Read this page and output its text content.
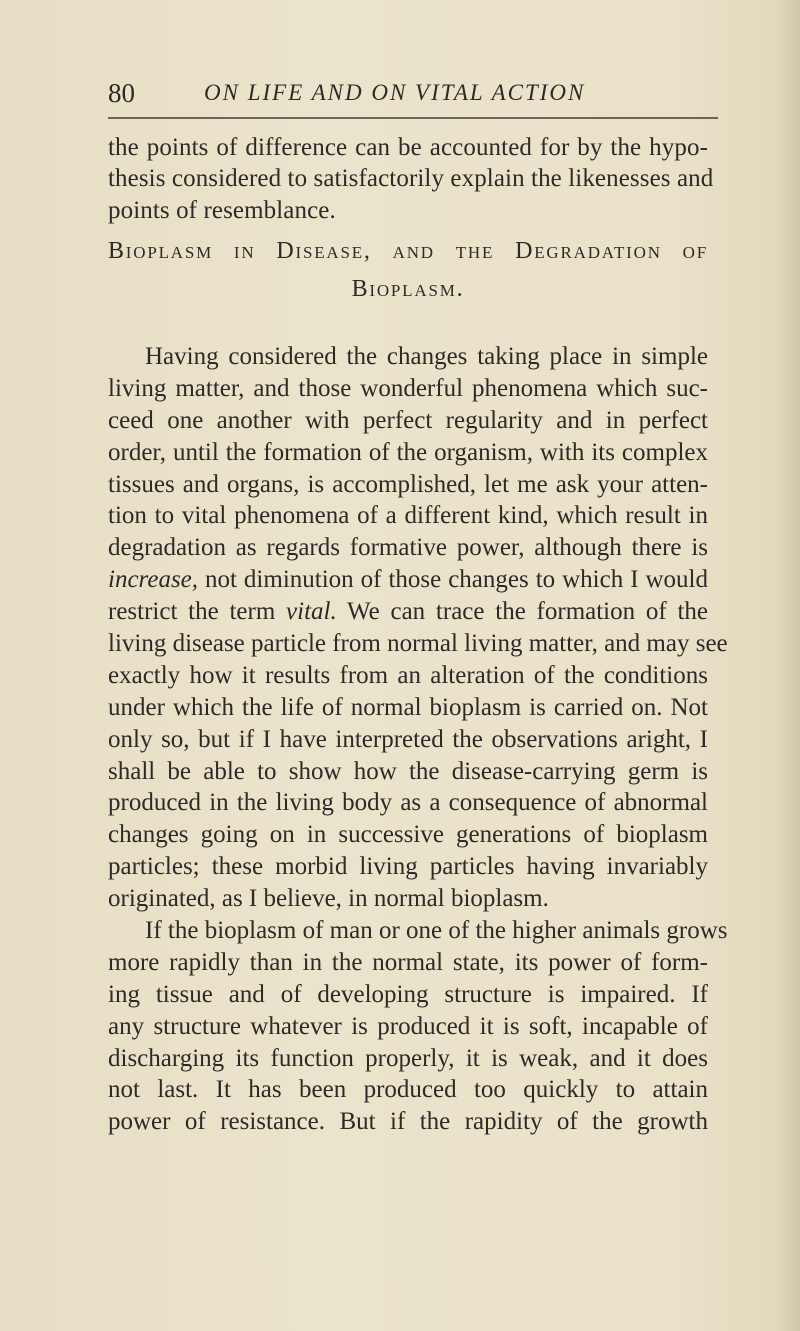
80	ON LIFE AND ON VITAL ACTION
the points of difference can be accounted for by the hypo-
thesis considered to satisfactorily explain the likenesses and
points of resemblance.
Bioplasm in Disease, and the Degradation of
Bioplasm.
Having considered the changes taking place in simple
living matter, and those wonderful phenomena which suc-
ceed one another with perfect regularity and in perfect
order, until the formation of the organism, with its complex
tissues and organs, is accomplished, let me ask your atten-
tion to vital phenomena of a different kind, which result in
degradation as regards formative power, although there is
increase, not diminution of those changes to which I would
restrict the term vital. We can trace the formation of the
living disease particle from normal living matter, and may see
exactly how it results from an alteration of the conditions
under which the life of normal bioplasm is carried on. Not
only so, but if I have interpreted the observations aright, I
shall be able to show how the disease-carrying germ is
produced in the living body as a consequence of abnormal
changes going on in successive generations of bioplasm
particles; these morbid living particles having invariably
originated, as I believe, in normal bioplasm.
If the bioplasm of man or one of the higher animals grows
more rapidly than in the normal state, its power of form-
ing tissue and of developing structure is impaired. If
any structure whatever is produced it is soft, incapable of
discharging its function properly, it is weak, and it does
not last. It has been produced too quickly to attain
power of resistance. But if the rapidity of the growth
